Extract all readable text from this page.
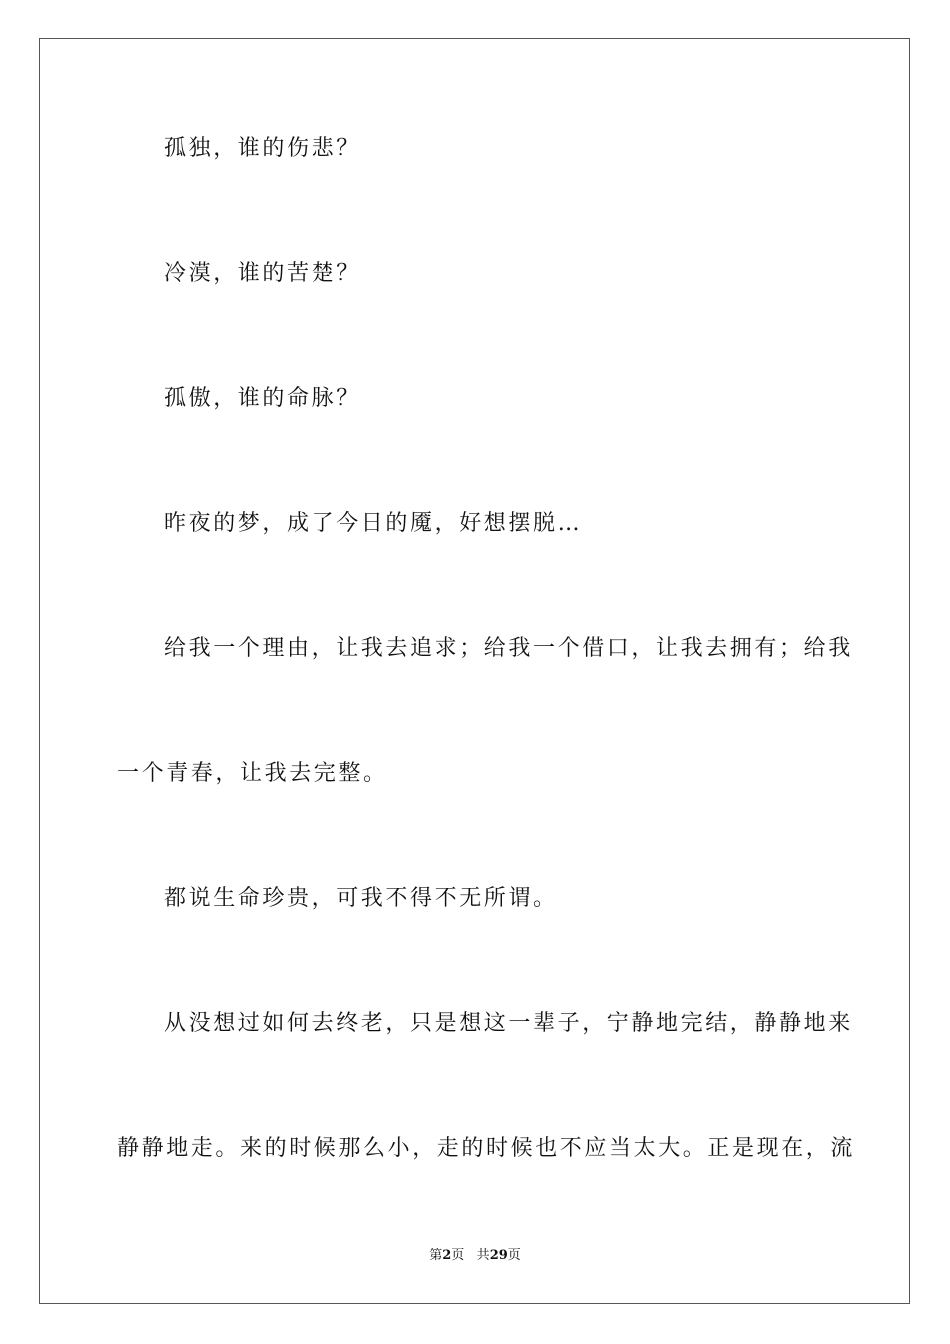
孤独，谁的伤悲？
冷漠，谁的苦楚？
孤傲，谁的命脉？
昨夜的梦，成了今日的魇，好想摆脱…
给我一个理由，让我去追求；给我一个借口，让我去拥有；给我
一个青春，让我去完整。
都说生命珍贵，可我不得不无所谓。
从没想过如何去终老，只是想这一辈子，宁静地完结，静静地来
静静地走。来的时候那么小，走的时候也不应当太大。正是现在，流
第2页 共29页
